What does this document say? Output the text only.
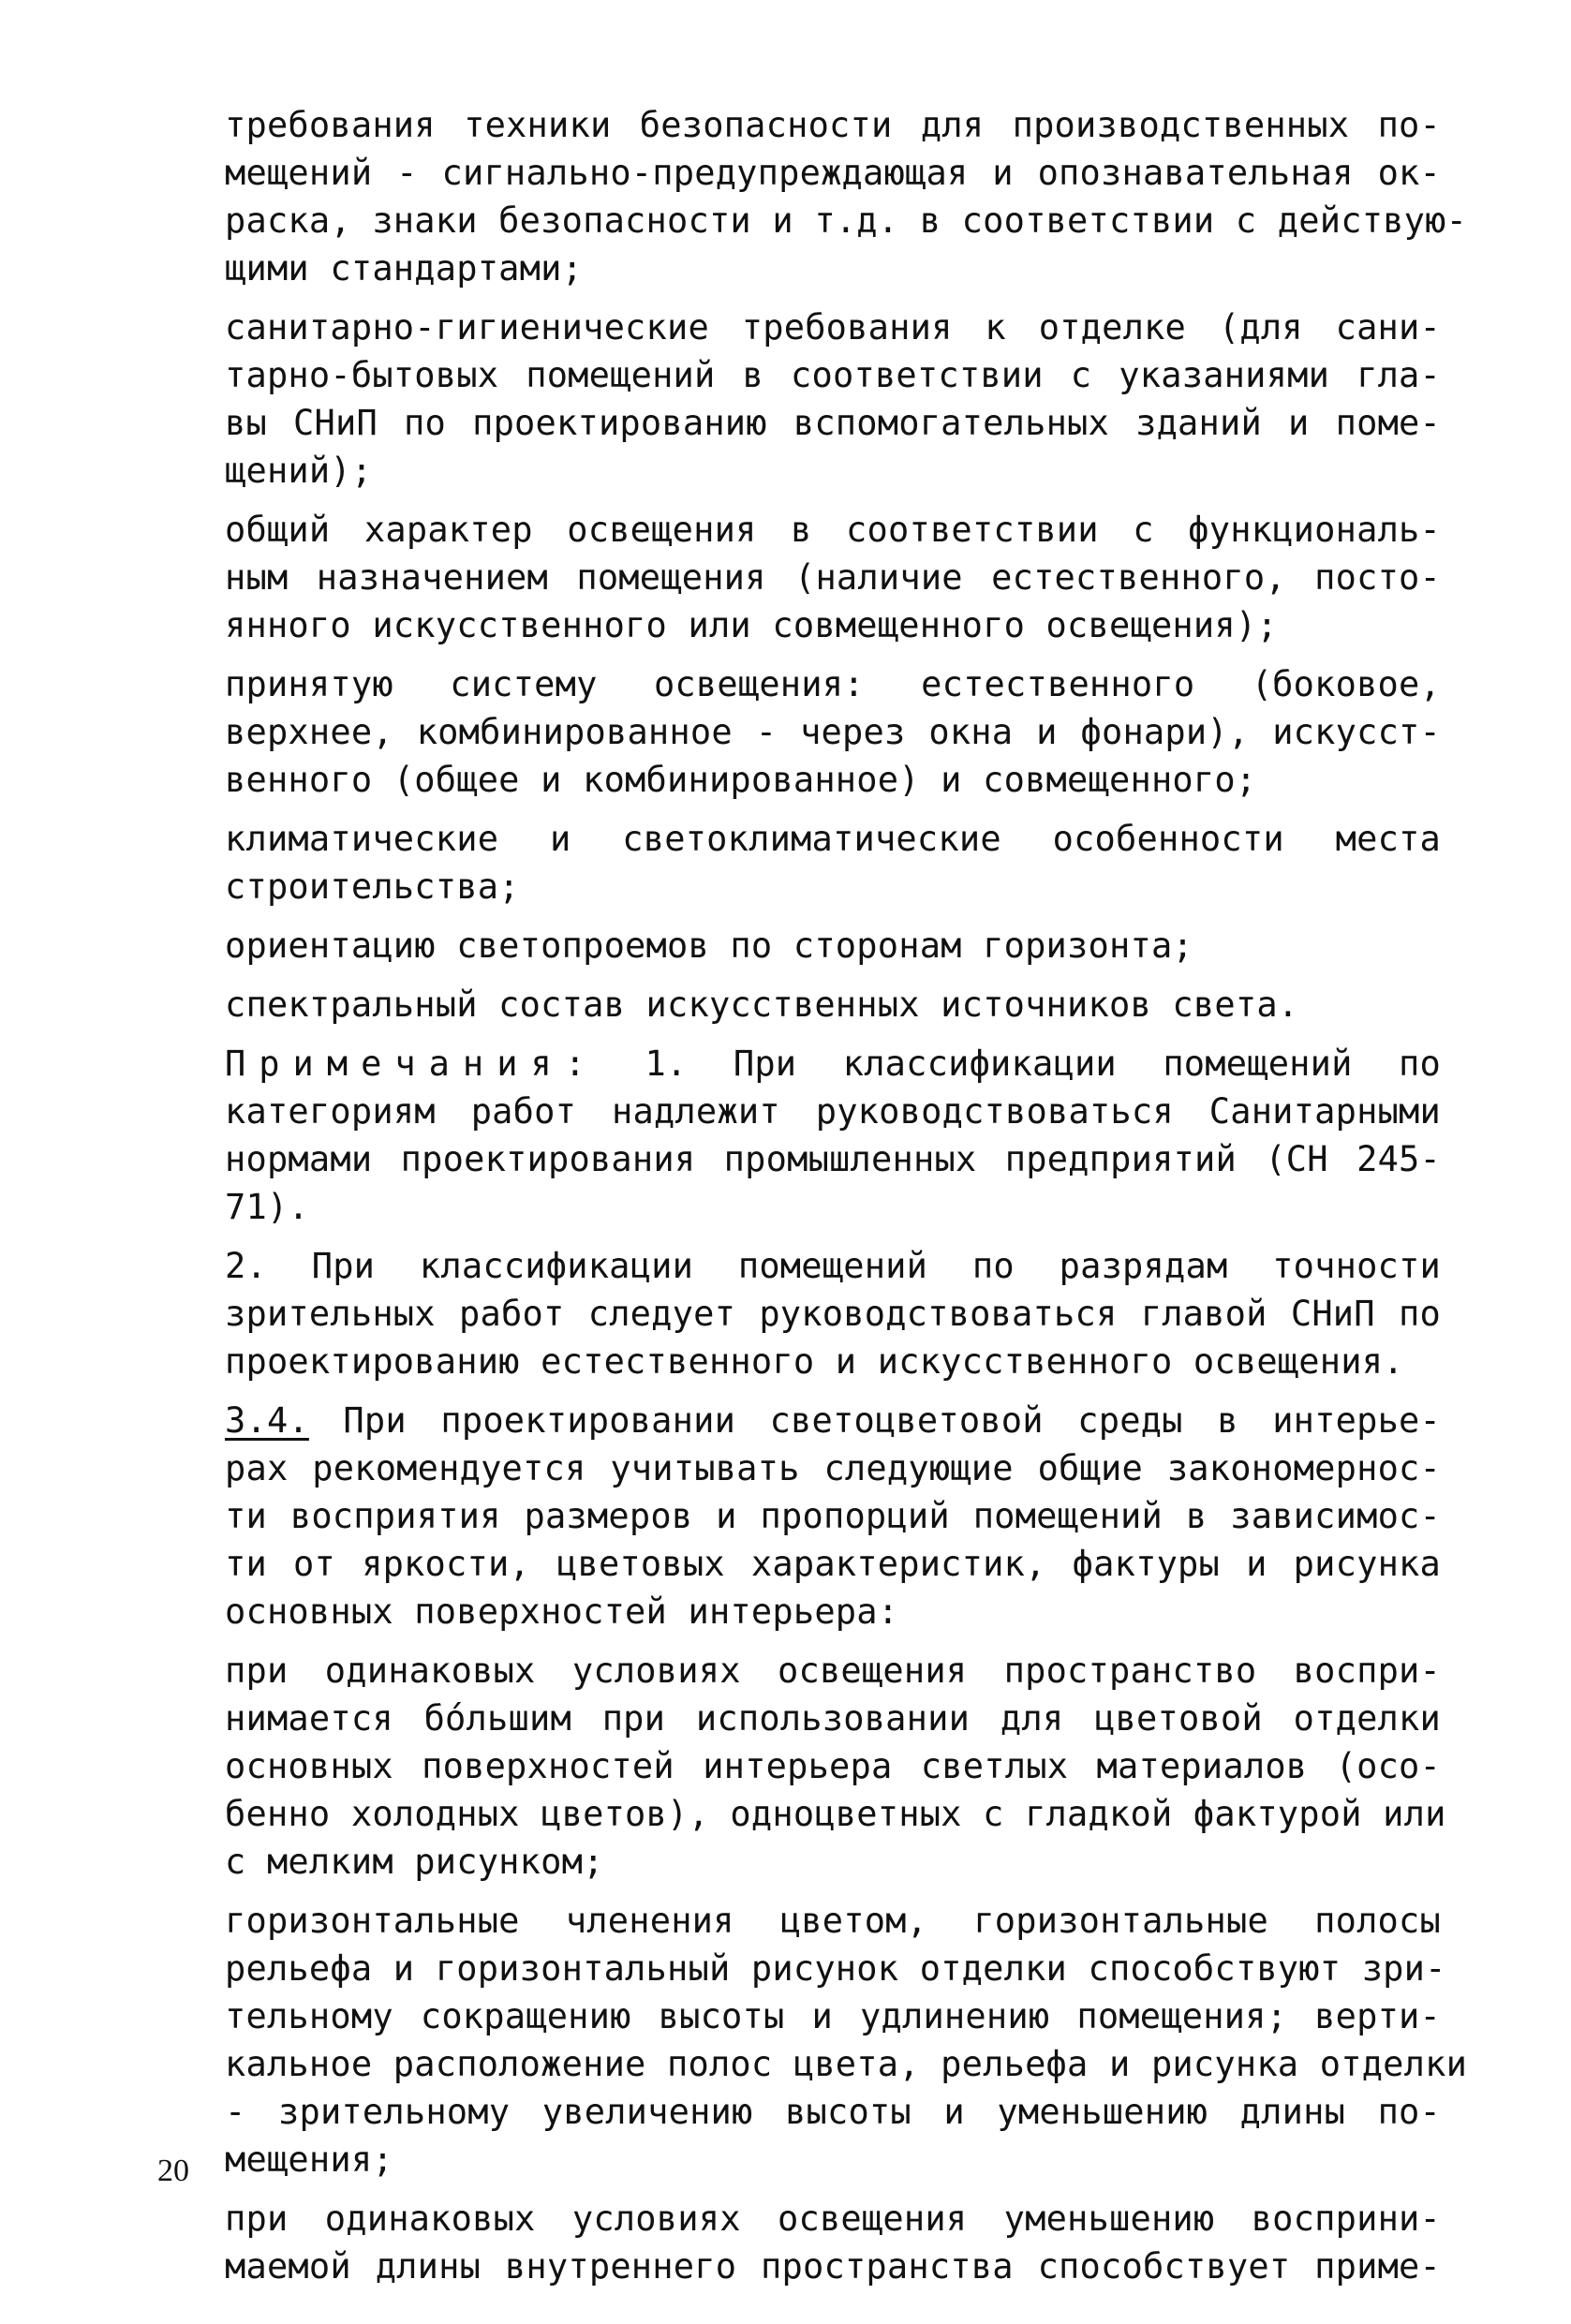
требования техники безопасности для производственных по-
мещений - сигнально-предупреждающая и опознавательная ок-
раска, знаки безопасности и т.д. в соответствии с действую-
щими стандартами;

санитарно-гигиенические требования к отделке (для сани-
тарно-бытовых помещений в соответствии с указаниями гла-
вы СНиП по проектированию вспомогательных зданий и поме-
щений);

общий характер освещения в соответствии с функциональ-
ным назначением помещения (наличие естественного, посто-
янного искусственного или совмещенного освещения);

принятую систему освещения: естественного (боковое,
верхнее, комбинированное - через окна и фонари), искусст-
венного (общее и комбинированное) и совмещенного;

климатические и светоклиматические особенности места
строительства;

ориентацию светопроемов по сторонам горизонта;

спектральный состав искусственных источников света.

Примечания: 1. При классификации помещений по
категориям работ надлежит руководствоваться Санитарными
нормами проектирования промышленных предприятий (СН 245-
71).

2. При классификации помещений по разрядам точности
зрительных работ следует руководствоваться главой СНиП по
проектированию естественного и искусственного освещения.

3.4. При проектировании светоцветовой среды в интерье-
рах рекомендуется учитывать следующие общие закономернос-
ти восприятия размеров и пропорций помещений в зависимос-
ти от яркости, цветовых характеристик, фактуры и рисунка
основных поверхностей интерьера:

при одинаковых условиях освещения пространство воспри-
нимается бо́льшим при использовании для цветовой отделки
основных поверхностей интерьера светлых материалов (осо-
бенно холодных цветов), одноцветных с гладкой фактурой или
с мелким рисунком;

горизонтальные членения цветом, горизонтальные полосы
рельефа и горизонтальный рисунок отделки способствуют зри-
тельному сокращению высоты и удлинению помещения; верти-
кальное расположение полос цвета, рельефа и рисунка отделки
- зрительному увеличению высоты и уменьшению длины по-
мещения;

при одинаковых условиях освещения уменьшению восприни-
маемой длины внутреннего пространства способствует приме-

20
